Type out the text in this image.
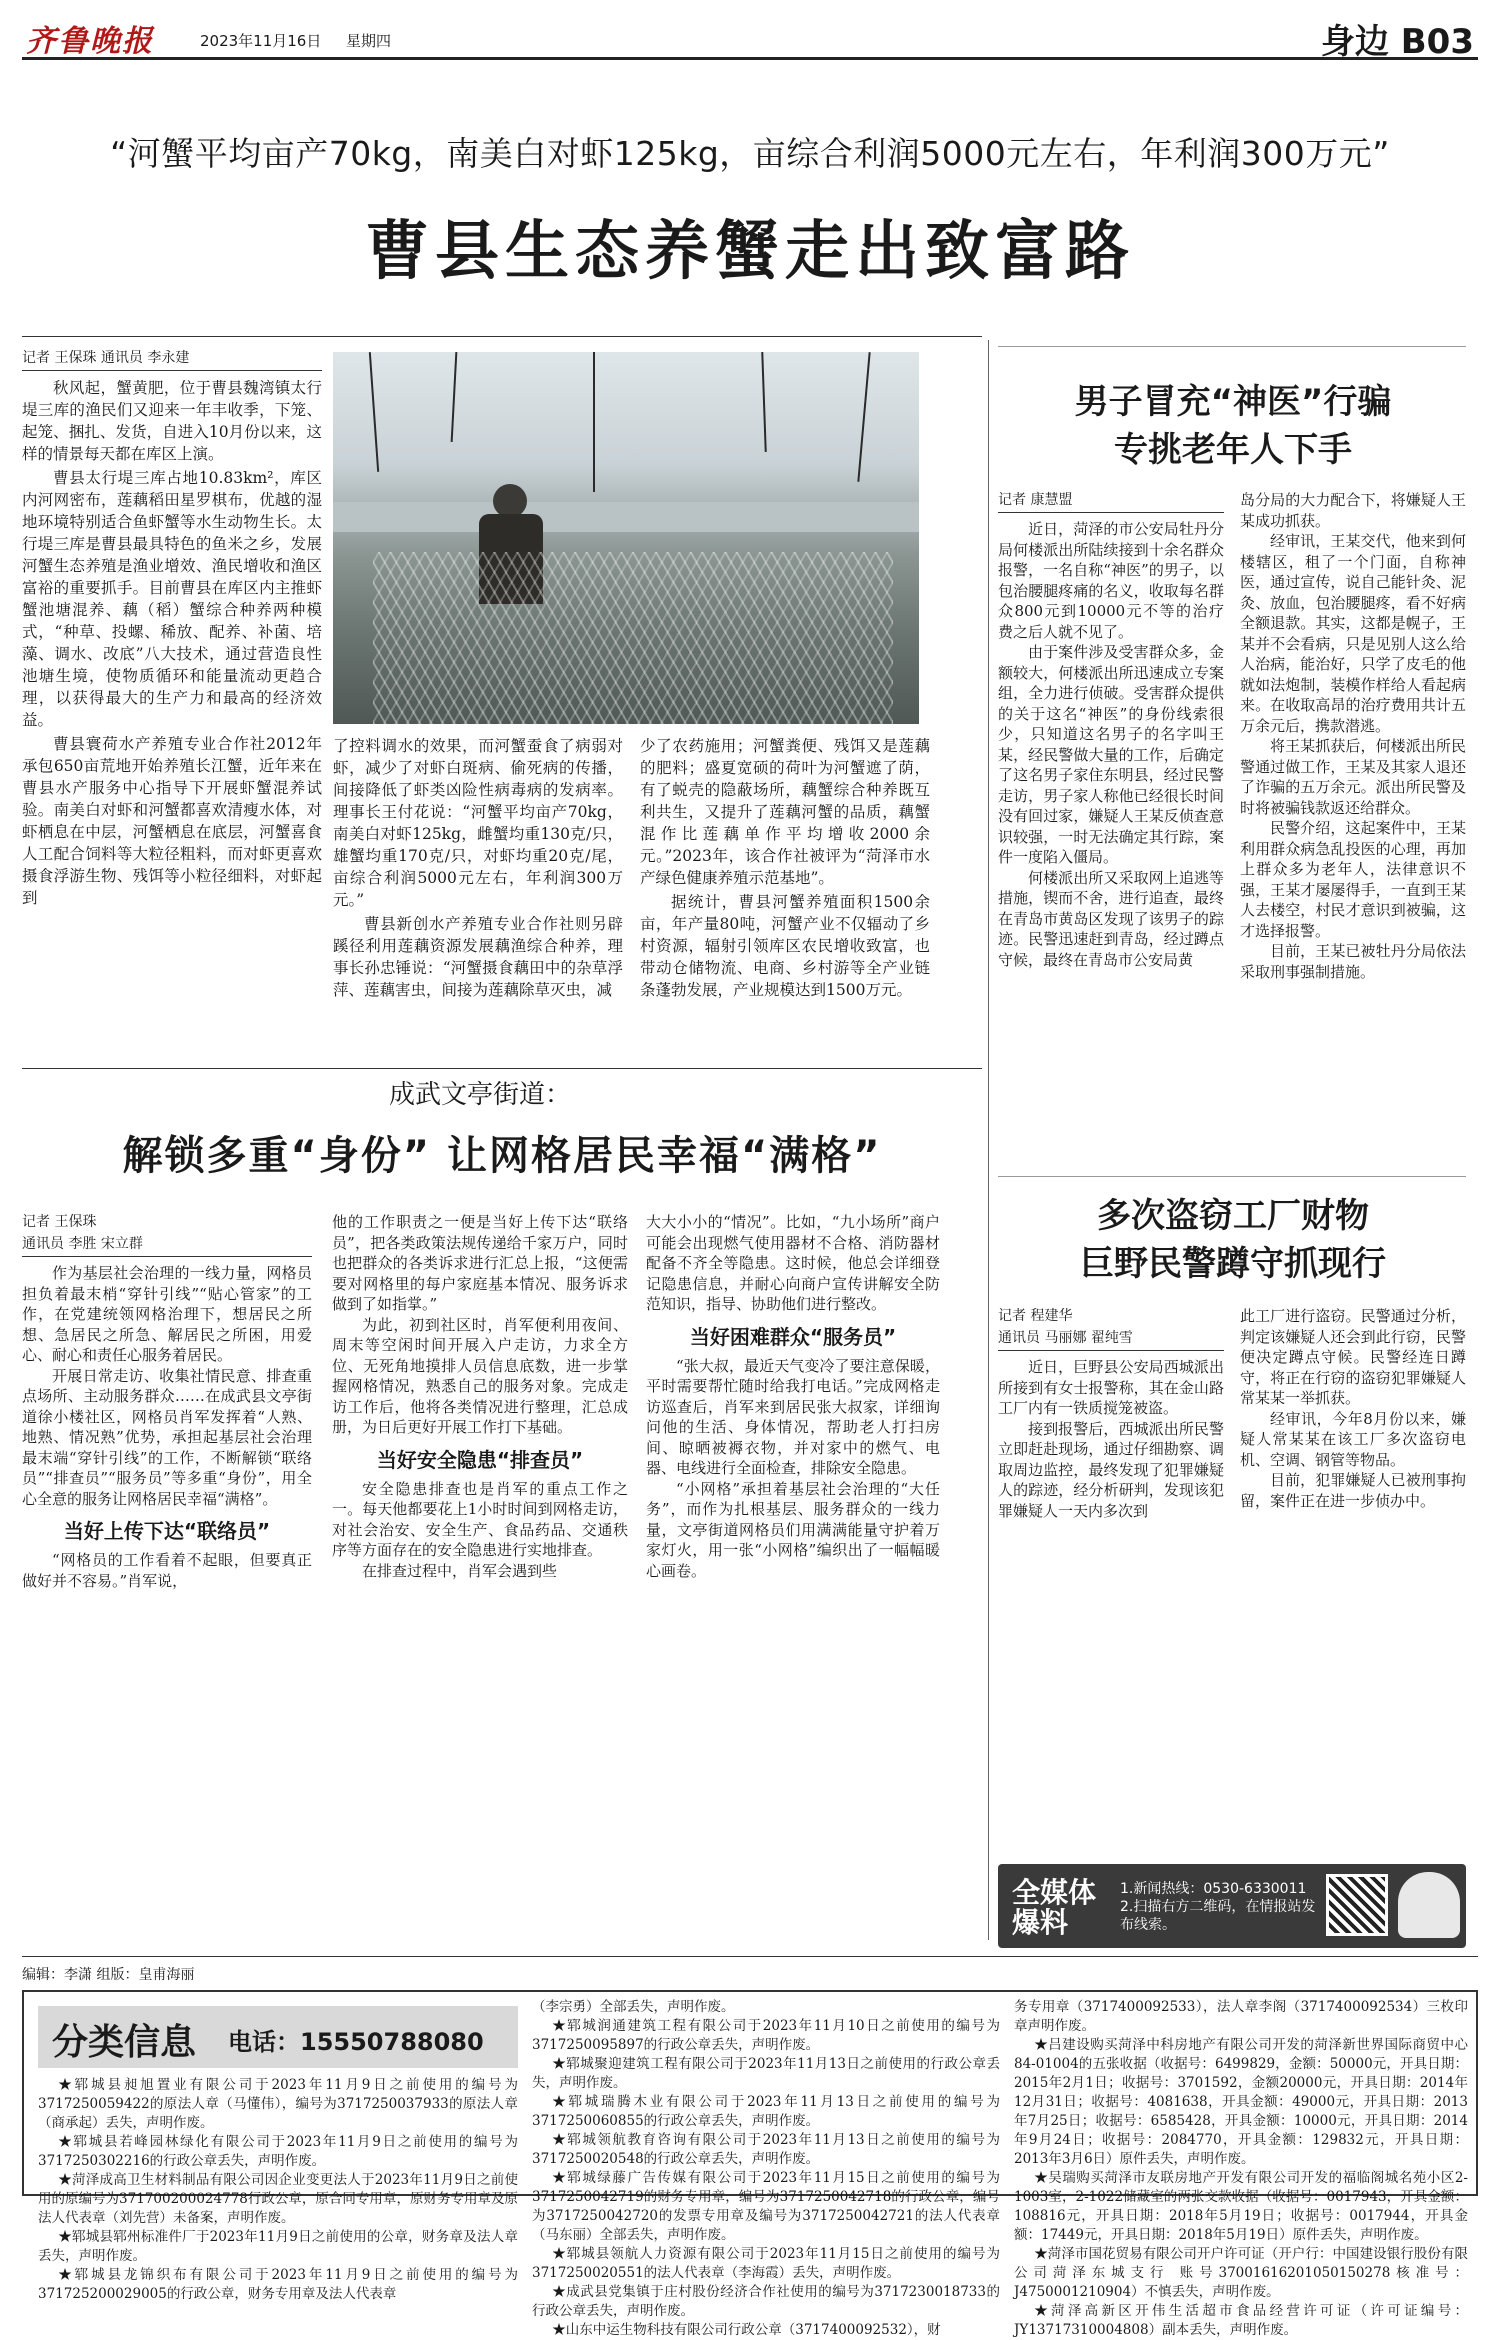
齐鲁晚报	2023年11月16日 星期四	身边 B03
“河蟹平均亩产70kg，南美白对虾125kg，亩综合利润5000元左右，年利润300万元”
曹县生态养蟹走出致富路
记者 王保珠 通讯员 李永建

秋风起，蟹黄肥，位于曹县魏湾镇太行堤三库的渔民们又迎来一年丰收季，下笼、起笼、捆扎、发货，自进入10月份以来，这样的情景每天都在库区上演。

曹县太行堤三库占地10.83km²，库区内河网密布，莲藕稻田星罗棋布，优越的湿地环境特别适合鱼虾蟹等水生动物生长。太行堤三库是曹县最具特色的鱼米之乡，发展河蟹生态养殖是渔业增效、渔民增收和渔区富裕的重要抓手。目前曹县在库区内主推虾蟹池塘混养、藕（稻）蟹综合种养两种模式，“种草、投螺、稀放、配养、补菌、培藻、调水、改底”八大技术，通过营造良性池塘生境，使物质循环和能量流动更趋合理，以获得最大的生产力和最高的经济效益。

曹县寰荷水产养殖专业合作社2012年承包650亩荒地开始养殖长江蟹，近年来在曹县水产服务中心指导下开展虾蟹混养试验。南美白对虾和河蟹都喜欢清瘦水体，对虾栖息在中层，河蟹栖息在底层，河蟹喜食人工配合饲料等大粒径粗料，而对虾更喜欢摄食浮游生物、残饵等小粒径细料，对虾起到

了控料调水的效果，而河蟹蚕食了病弱对虾，减少了对虾白斑病、偷死病的传播，间接降低了虾类凶险性病毒病的发病率。理事长王付花说：“河蟹平均亩产70kg，南美白对虾125kg，雌蟹均重130克/只，雄蟹均重170克/只，对虾均重20克/尾，亩综合利润5000元左右，年利润300万元。”

曹县新创水产养殖专业合作社则另辟蹊径利用莲藕资源发展藕渔综合种养，理事长孙忠锤说：“河蟹摄食藕田中的杂草浮萍、莲藕害虫，间接为莲藕除草灭虫，减

少了农药施用；河蟹粪便、残饵又是莲藕的肥料；盛夏宽硕的荷叶为河蟹遮了荫，有了蜕壳的隐蔽场所，藕蟹综合种养既互利共生，又提升了莲藕河蟹的品质，藕蟹混作比莲藕单作平均增收2000余元。”2023年，该合作社被评为“菏泽市水产绿色健康养殖示范基地”。

据统计，曹县河蟹养殖面积1500余亩，年产量80吨，河蟹产业不仅辐动了乡村资源，辐射引领库区农民增收致富，也带动仓储物流、电商、乡村游等全产业链条蓬勃发展，产业规模达到1500万元。

男子冒充“神医”行骗
专挑老年人下手
记者 康慧盟

近日，菏泽的市公安局牡丹分局何楼派出所陆续接到十余名群众报警，一名自称“神医”的男子，以包治腰腿疼痛的名义，收取每名群众800元到10000元不等的治疗费之后人就不见了。

由于案件涉及受害群众多，金额较大，何楼派出所迅速成立专案组，全力进行侦破。受害群众提供的关于这名“神医”的身份线索很少，只知道这名男子的名字叫王某，经民警做大量的工作，后确定了这名男子家住东明县，经过民警走访，男子家人称他已经很长时间没有回过家，嫌疑人王某反侦查意识较强，一时无法确定其行踪，案件一度陷入僵局。

何楼派出所又采取网上追逃等措施，锲而不舍，进行追查，最终在青岛市黄岛区发现了该男子的踪迹。民警迅速赶到青岛，经过蹲点守候，最终在青岛市公安局黄

岛分局的大力配合下，将嫌疑人王某成功抓获。

经审讯，王某交代，他来到何楼辖区，租了一个门面，自称神医，通过宣传，说自己能针灸、泥灸、放血，包治腰腿疼，看不好病全额退款。其实，这都是幌子，王某并不会看病，只是见别人这么给人治病，能治好，只学了皮毛的他就如法炮制，装模作样给人看起病来。在收取高昂的治疗费用共计五万余元后，携款潜逃。

将王某抓获后，何楼派出所民警通过做工作，王某及其家人退还了诈骗的五万余元。派出所民警及时将被骗钱款返还给群众。

民警介绍，这起案件中，王某利用群众病急乱投医的心理，再加上群众多为老年人，法律意识不强，王某才屡屡得手，一直到王某人去楼空，村民才意识到被骗，这才选择报警。

目前，王某已被牡丹分局依法采取刑事强制措施。

成武文亭街道：
解锁多重“身份” 让网格居民幸福“满格”
记者 王保珠
通讯员 李胜 宋立群

作为基层社会治理的一线力量，网格员担负着最末梢“穿针引线”“贴心管家”的工作，在党建统领网格治理下，想居民之所想、急居民之所急、解居民之所困，用爱心、耐心和责任心服务着居民。

开展日常走访、收集社情民意、排查重点场所、主动服务群众……在成武县文亭街道徐小楼社区，网格员肖军发挥着“人熟、地熟、情况熟”优势，承担起基层社会治理最末端“穿针引线”的工作，不断解锁“联络员”“排查员”“服务员”等多重“身份”，用全心全意的服务让网格居民幸福“满格”。

当好上传下达“联络员”

“网格员的工作看着不起眼，但要真正做好并不容易。”肖军说，

他的工作职责之一便是当好上传下达“联络员”，把各类政策法规传递给千家万户，同时也把群众的各类诉求进行汇总上报，“这便需要对网格里的每户家庭基本情况、服务诉求做到了如指掌。”

为此，初到社区时，肖军便利用夜间、周末等空闲时间开展入户走访，力求全方位、无死角地摸排人员信息底数，进一步掌握网格情况，熟悉自己的服务对象。完成走访工作后，他将各类情况进行整理，汇总成册，为日后更好开展工作打下基础。

当好安全隐患“排查员”

安全隐患排查也是肖军的重点工作之一。每天他都要花上1小时时间到网格走访，对社会治安、安全生产、食品药品、交通秩序等方面存在的安全隐患进行实地排查。

在排查过程中，肖军会遇到些

大大小小的“情况”。比如，“九小场所”商户可能会出现燃气使用器材不合格、消防器材配备不齐全等隐患。这时候，他总会详细登记隐患信息，并耐心向商户宣传讲解安全防范知识，指导、协助他们进行整改。

当好困难群众“服务员”

“张大叔，最近天气变冷了要注意保暖，平时需要帮忙随时给我打电话。”完成网格走访巡查后，肖军来到居民张大叔家，详细询问他的生活、身体情况，帮助老人打扫房间、晾晒被褥衣物，并对家中的燃气、电器、电线进行全面检查，排除安全隐患。

“小网格”承担着基层社会治理的“大任务”，而作为扎根基层、服务群众的一线力量，文亭街道网格员们用满满能量守护着万家灯火，用一张“小网格”编织出了一幅幅暖心画卷。

多次盗窃工厂财物
巨野民警蹲守抓现行
记者 程建华
通讯员 马丽娜 翟纯雪

近日，巨野县公安局西城派出所接到有女士报警称，其在金山路工厂内有一铁质搅笼被盗。

接到报警后，西城派出所民警立即赶赴现场，通过仔细勘察、调取周边监控，最终发现了犯罪嫌疑人的踪迹，经分析研判，发现该犯罪嫌疑人一天内多次到

此工厂进行盗窃。民警通过分析，判定该嫌疑人还会到此行窃，民警便决定蹲点守候。民警经连日蹲守，将正在行窃的盗窃犯罪嫌疑人常某某一举抓获。

经审讯，今年8月份以来，嫌疑人常某某在该工厂多次盗窃电机、空调、钢管等物品。

目前，犯罪嫌疑人已被刑事拘留，案件正在进一步侦办中。

全媒体爆料
1.新闻热线：0530-6330011
2.扫描右方二维码，在情报站发布线索。
编辑：李潇 组版：皇甫海丽
分类信息 电话：15550788080

★郓城县昶旭置业有限公司于2023年11月9日之前使用的编号为371725005942​2的原法人章（马懂伟），编号为371725003793​3的原法人章（商承起）丢失，声明作废。

★郓城县若峰园林绿化有限公司于2023年11月9日之前使用的编号为371725030221​6的行政公章丢失，声明作废。

★菏泽成高卫生材料制品有限公司因企业变更法人于2023年11月9日之前使用的原编号为371700200024778行政公章，原合同专用章，原财务专用章及原法人代表章（刘先营）未备案，声明作废。

★郓城县郓州标准件厂于2023年11月9日之前使用的公章，财务章及法人章丢失，声明作废。

★郓城县龙锦织布有限公司于2023年11月9日之前使用的编号为371725200029005的行政公章，财务专用章及法人代表章

（李宗勇）全部丢失，声明作废。

★郓城润通建筑工程有限公司于2023年11月10日之前使用的编号为371725009589​7的行政公章丢失，声明作废。

★郓城聚迎建筑工程有限公司于2023年11月13日之前使用的行政公章丢失，声明作废。

★郓城瑞腾木业有限公司于2023年11月13日之前使用的编号为371725006085​5的行政公章丢失，声明作废。

★郓城领航教育咨询有限公司于2023年11月13日之前使用的编号为371725002054​8的行政公章丢失，声明作废。

★郓城绿藤广告传媒有限公司于2023年11月15日之前使用的编号为371725004271​9的财务专用章，编号为371725004271​8的行政公章，编号为371725004272​0的发票专用章及编号为371725004272​1的法人代表章（马东丽）全部丢失，声明作废。

★郓城县领航人力资源有限公司于2023年11月15日之前使用的编号为371725002055​1的法人代表章（李海霞）丢失，声明作废。

★成武县党集镇于庄村股份经济合作社使用的编号为371723001873​3的行政公章丢失，声明作废。

★山东中运生物科技有限公司行政公章（371740009253​2），财

务专用章（371740009253​3），法人章李阁（371740009253​4）三枚印章声明作废。

★吕建设购买菏泽中科房地产有限公司开发的菏泽新世界国际商贸中心84-01004的五张收据（收据号：6499829，金额：50000元，开具日期：2015年2月1日；收据号：3701592，金额20000元，开具日期：2014年12月31日；收据号：4081638，开具金额：49000元，开具日期：2013年7月25日；收据号：6585428，开具金额：10000元，开具日期：2014年9月24日；收据号：2084770，开具金额：129832元，开具日期：2013年3月6日）原件丢失，声明作废。

★吴瑞购买菏泽市友联房地产开发有限公司开发的福临阁城名苑小区2-1003室，2-1022储藏室的两张交款收据（收据号：0017943，开具金额：108816元，开具日期：2018年5月19日；收据号：0017944，开具金额：17449元，开具日期：2018年5月19日）原件丢失，声明作废。

★菏泽市国花贸易有限公司开户许可证（开户行：中国建设银行股份有限公司菏泽东城支行 账号37001616201050150278核准号：J475000121090​4）不慎丢失，声明作废。

★菏泽高新区开伟生活超市食品经营许可证（许可证编号：JY1371731000480​8）副本丢失，声明作废。
